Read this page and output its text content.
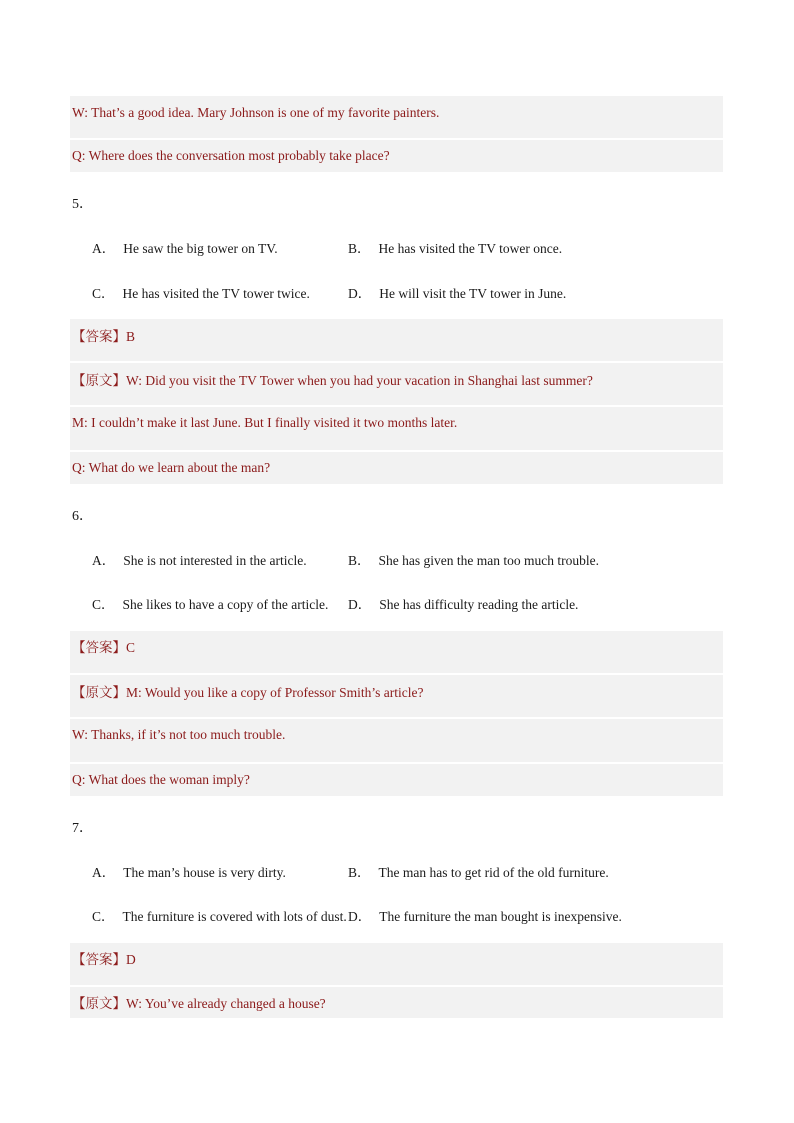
W: That’s a good idea. Mary Johnson is one of my favorite painters.
Q: Where does the conversation most probably take place?
5．
A． He saw the big tower on TV.	B． He has visited the TV tower once.
C． He has visited the TV tower twice.	D． He will visit the TV tower in June.
【答案】B
【原文】W: Did you visit the TV Tower when you had your vacation in Shanghai last summer?
M: I couldn’t make it last June. But I finally visited it two months later.
Q: What do we learn about the man?
6．
A． She is not interested in the article.	B． She has given the man too much trouble.
C． She likes to have a copy of the article. D． She has difficulty reading the article.
【答案】C
【原文】M: Would you like a copy of Professor Smith’s article?
W: Thanks, if it’s not too much trouble.
Q: What does the woman imply?
7．
A． The man’s house is very dirty.	B． The man has to get rid of the old furniture.
C． The furniture is covered with lots of dust. D． The furniture the man bought is inexpensive.
【答案】D
【原文】W: You’ve already changed a house?
